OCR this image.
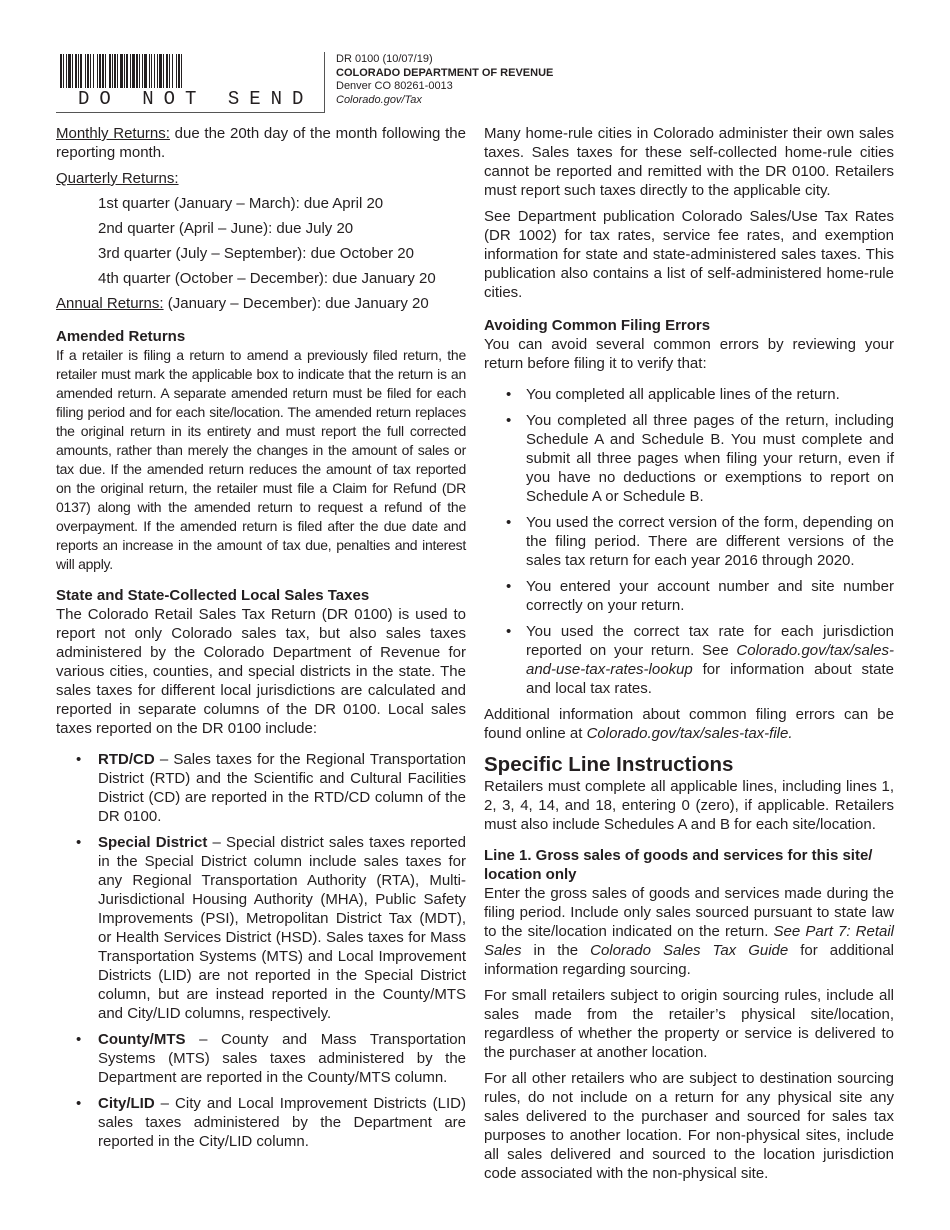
DO NOT SEND
DR 0100 (10/07/19)
COLORADO DEPARTMENT OF REVENUE
Denver CO 80261-0013
Colorado.gov/Tax

Monthly Returns: due the 20th day of the month following the reporting month.

Quarterly Returns:

1st quarter (January – March): due April 20
2nd quarter (April – June): due July 20
3rd quarter (July – September): due October 20
4th quarter (October – December): due January 20

Annual Returns: (January – December): due January 20

Amended Returns

If a retailer is filing a return to amend a previously filed return, the retailer must mark the applicable box to indicate that the return is an amended return. A separate amended return must be filed for each filing period and for each site/location. The amended return replaces the original return in its entirety and must report the full corrected amounts, rather than merely the changes in the amount of sales or tax due. If the amended return reduces the amount of tax reported on the original return, the retailer must file a Claim for Refund (DR 0137) along with the amended return to request a refund of the overpayment. If the amended return is filed after the due date and reports an increase in the amount of tax due, penalties and interest will apply.

State and State-Collected Local Sales Taxes

The Colorado Retail Sales Tax Return (DR 0100) is used to report not only Colorado sales tax, but also sales taxes administered by the Colorado Department of Revenue for various cities, counties, and special districts in the state. The sales taxes for different local jurisdictions are calculated and reported in separate columns of the DR 0100. Local sales taxes reported on the DR 0100 include:

• RTD/CD – Sales taxes for the Regional Transportation District (RTD) and the Scientific and Cultural Facilities District (CD) are reported in the RTD/CD column of the DR 0100.
• Special District – Special district sales taxes reported in the Special District column include sales taxes for any Regional Transportation Authority (RTA), Multi-Jurisdictional Housing Authority (MHA), Public Safety Improvements (PSI), Metropolitan District Tax (MDT), or Health Services District (HSD). Sales taxes for Mass Transportation Systems (MTS) and Local Improvement Districts (LID) are not reported in the Special District column, but are instead reported in the County/MTS and City/LID columns, respectively.
• County/MTS – County and Mass Transportation Systems (MTS) sales taxes administered by the Department are reported in the County/MTS column.
• City/LID – City and Local Improvement Districts (LID) sales taxes administered by the Department are reported in the City/LID column.

Many home-rule cities in Colorado administer their own sales taxes. Sales taxes for these self-collected home-rule cities cannot be reported and remitted with the DR 0100. Retailers must report such taxes directly to the applicable city.

See Department publication Colorado Sales/Use Tax Rates (DR 1002) for tax rates, service fee rates, and exemption information for state and state-administered sales taxes. This publication also contains a list of self-administered home-rule cities.

Avoiding Common Filing Errors

You can avoid several common errors by reviewing your return before filing it to verify that:

• You completed all applicable lines of the return.
• You completed all three pages of the return, including Schedule A and Schedule B. You must complete and submit all three pages when filing your return, even if you have no deductions or exemptions to report on Schedule A or Schedule B.
• You used the correct version of the form, depending on the filing period. There are different versions of the sales tax return for each year 2016 through 2020.
• You entered your account number and site number correctly on your return.
• You used the correct tax rate for each jurisdiction reported on your return. See Colorado.gov/tax/sales-and-use-tax-rates-lookup for information about state and local tax rates.

Additional information about common filing errors can be found online at Colorado.gov/tax/sales-tax-file.

Specific Line Instructions

Retailers must complete all applicable lines, including lines 1, 2, 3, 4, 14, and 18, entering 0 (zero), if applicable. Retailers must also include Schedules A and B for each site/location.

Line 1. Gross sales of goods and services for this site/ location only

Enter the gross sales of goods and services made during the filing period. Include only sales sourced pursuant to state law to the site/location indicated on the return. See Part 7: Retail Sales in the Colorado Sales Tax Guide for additional information regarding sourcing.

For small retailers subject to origin sourcing rules, include all sales made from the retailer’s physical site/location, regardless of whether the property or service is delivered to the purchaser at another location.

For all other retailers who are subject to destination sourcing rules, do not include on a return for any physical site any sales delivered to the purchaser and sourced for sales tax purposes to another location. For non-physical sites, include all sales delivered and sourced to the location jurisdiction code associated with the non-physical site.
